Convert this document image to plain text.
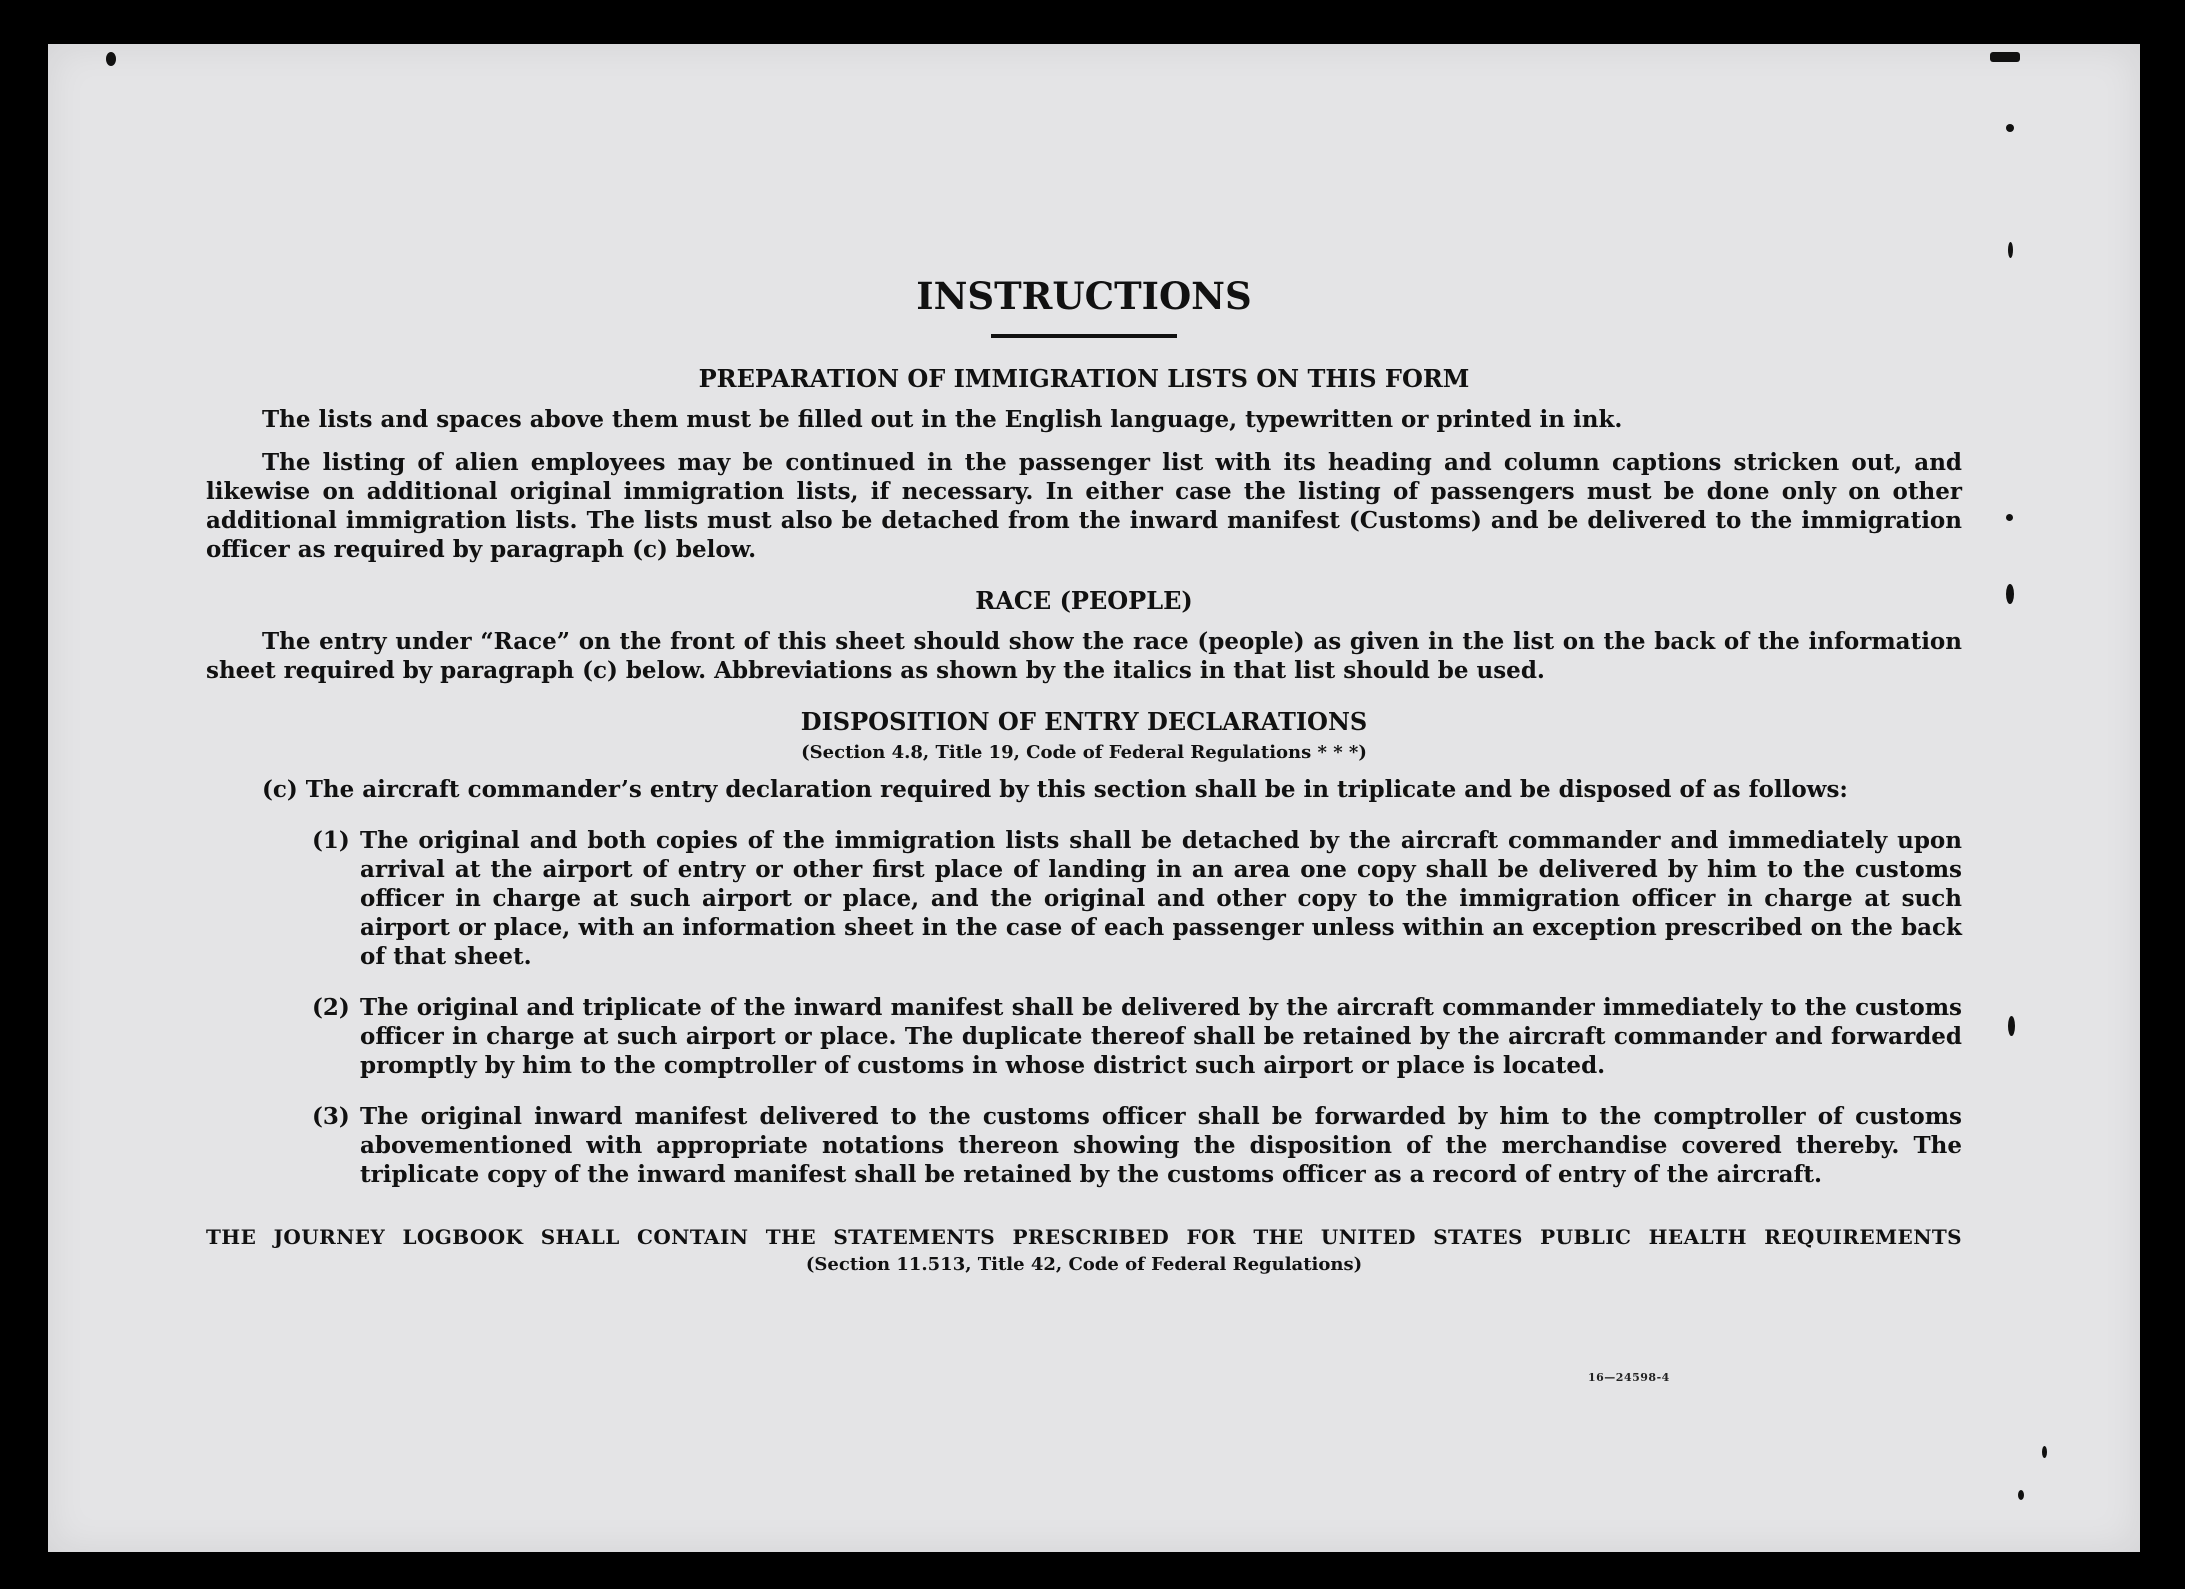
INSTRUCTIONS
PREPARATION OF IMMIGRATION LISTS ON THIS FORM

The lists and spaces above them must be filled out in the English language, typewritten or printed in ink.

The listing of alien employees may be continued in the passenger list with its heading and column captions stricken out, and likewise on additional original immigration lists, if necessary. In either case the listing of passengers must be done only on other additional immigration lists. The lists must also be detached from the inward manifest (Customs) and be delivered to the immigration officer as required by paragraph (c) below.

RACE (PEOPLE)

The entry under “Race” on the front of this sheet should show the race (people) as given in the list on the back of the information sheet required by paragraph (c) below. Abbreviations as shown by the italics in that list should be used.

DISPOSITION OF ENTRY DECLARATIONS
(Section 4.8, Title 19, Code of Federal Regulations * * *)

(c) The aircraft commander’s entry declaration required by this section shall be in triplicate and be disposed of as follows:

(1) The original and both copies of the immigration lists shall be detached by the aircraft commander and immediately upon arrival at the airport of entry or other first place of landing in an area one copy shall be delivered by him to the customs officer in charge at such airport or place, and the original and other copy to the immigration officer in charge at such airport or place, with an information sheet in the case of each passenger unless within an exception prescribed on the back of that sheet.
(2) The original and triplicate of the inward manifest shall be delivered by the aircraft commander immediately to the customs officer in charge at such airport or place. The duplicate thereof shall be retained by the aircraft commander and forwarded promptly by him to the comptroller of customs in whose district such airport or place is located.
(3) The original inward manifest delivered to the customs officer shall be forwarded by him to the comptroller of customs abovementioned with appropriate notations thereon showing the disposition of the merchandise covered thereby. The triplicate copy of the inward manifest shall be retained by the customs officer as a record of entry of the aircraft.

THE JOURNEY LOGBOOK SHALL CONTAIN THE STATEMENTS PRESCRIBED FOR THE UNITED STATES PUBLIC HEALTH REQUIREMENTS

(Section 11.513, Title 42, Code of Federal Regulations)
16—24598-4
